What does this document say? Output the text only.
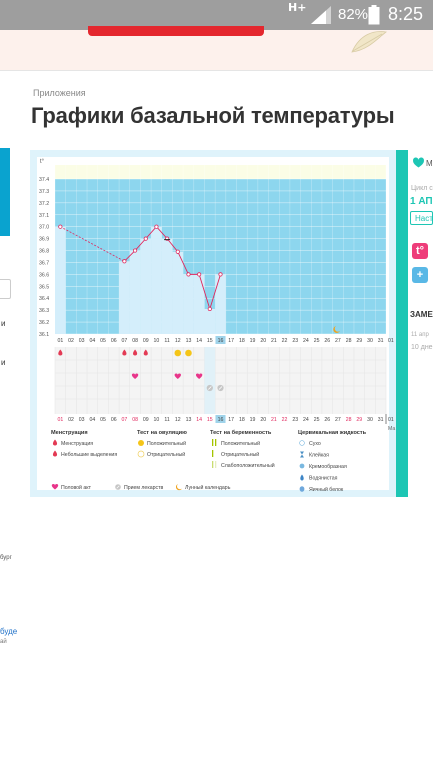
H+ 82% 8:25
Приложения
Графики базальной температуры
и
и
бург
буде
ай
t°
37.4
37.3
37.2
37.1
37.0
36.9
36.8
36.7
36.6
36.5
36.4
36.3
36.2
36.1
01 02 03 04 05 06 07 08 09 10 11 12 13 14 15 16 17 18 19 20 21 22 23 24 25 26 27 28 29 30 31 01
01 02 03 04 05 06 07 08 09 10 11 12 13 14 15 16 17 18 19 20 21 22 23 24 25 26 27 28 29 30 31 01
Ма
Менструация
Менструация
Небольшие выделения
Тест на овуляцию
Положительный
Отрицательный
Тест на беременность
Положительный
Отрицательный
Слабоположительный
Цервикальная жидкость
Сухо
Клейкая
Кремообразная
Водянистая
Яичный белок
Половой акт	Прием лекарств	Лунный календарь
М
Цикл с
1 АП
Наст
t°
+
ЗАМЕ
11 апр
10 дне
